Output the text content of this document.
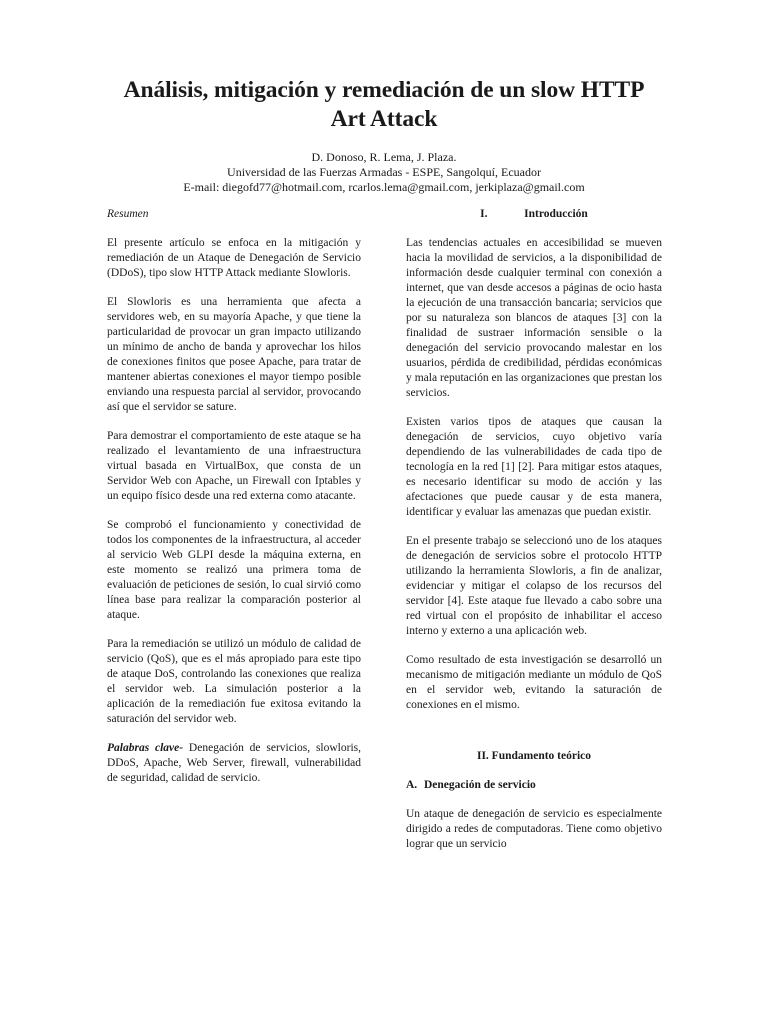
Análisis, mitigación y remediación de un slow HTTP
Art Attack
D. Donoso, R. Lema, J. Plaza.
Universidad de las Fuerzas Armadas - ESPE, Sangolquí, Ecuador
E-mail: diegofd77@hotmail.com, rcarlos.lema@gmail.com, jerkiplaza@gmail.com
Resumen

El presente artículo se enfoca en la mitigación y remediación de un Ataque de Denegación de Servicio (DDoS), tipo slow HTTP Attack mediante Slowloris.

El Slowloris es una herramienta que afecta a servidores web, en su mayoría Apache, y que tiene la particularidad de provocar un gran impacto utilizando un mínimo de ancho de banda y aprovechar los hilos de conexiones finitos que posee Apache, para tratar de mantener abiertas conexiones el mayor tiempo posible enviando una respuesta parcial al servidor, provocando así que el servidor se sature.

Para demostrar el comportamiento de este ataque se ha realizado el levantamiento de una infraestructura virtual basada en VirtualBox, que consta de un Servidor Web con Apache, un Firewall con Iptables y un equipo físico desde una red externa como atacante.

Se comprobó el funcionamiento y conectividad de todos los componentes de la infraestructura, al acceder al servicio Web GLPI desde la máquina externa, en este momento se realizó una primera toma de evaluación de peticiones de sesión, lo cual sirvió como línea base para realizar la comparación posterior al ataque.

Para la remediación se utilizó un módulo de calidad de servicio (QoS), que es el más apropiado para este tipo de ataque DoS, controlando las conexiones que realiza el servidor web. La simulación posterior a la aplicación de la remediación fue exitosa evitando la saturación del servidor web.

Palabras clave- Denegación de servicios, slowloris, DDoS, Apache, Web Server, firewall, vulnerabilidad de seguridad, calidad de servicio.

I.	Introducción

Las tendencias actuales en accesibilidad se mueven hacia la movilidad de servicios, a la disponibilidad de información desde cualquier terminal con conexión a internet, que van desde accesos a páginas de ocio hasta la ejecución de una transacción bancaria; servicios que por su naturaleza son blancos de ataques [3] con la finalidad de sustraer información sensible o la denegación del servicio provocando malestar en los usuarios, pérdida de credibilidad, pérdidas económicas y mala reputación en las organizaciones que prestan los servicios.

Existen varios tipos de ataques que causan la denegación de servicios, cuyo objetivo varía dependiendo de las vulnerabilidades de cada tipo de tecnología en la red [1] [2]. Para mitigar estos ataques, es necesario identificar su modo de acción y las afectaciones que puede causar y de esta manera, identificar y evaluar las amenazas que puedan existir.

En el presente trabajo se seleccionó uno de los ataques de denegación de servicios sobre el protocolo HTTP utilizando la herramienta Slowloris, a fin de analizar, evidenciar y mitigar el colapso de los recursos del servidor [4]. Este ataque fue llevado a cabo sobre una red virtual con el propósito de inhabilitar el acceso interno y externo a una aplicación web.

Como resultado de esta investigación se desarrolló un mecanismo de mitigación mediante un módulo de QoS en el servidor web, evitando la saturación de conexiones en el mismo.

II. Fundamento teórico
A. Denegación de servicio

Un ataque de denegación de servicio es especialmente dirigido a redes de computadoras. Tiene como objetivo lograr que un servicio
